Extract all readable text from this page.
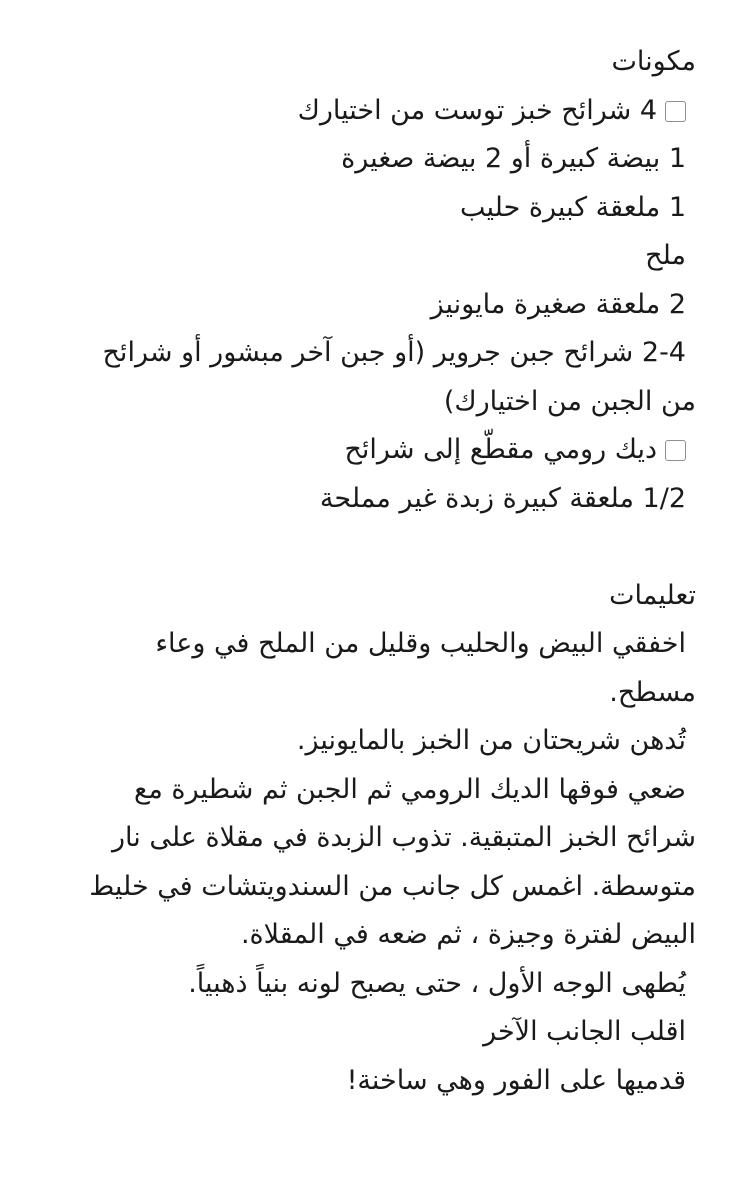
مكونات
4 شرائح خبز توست من اختيارك
1 بيضة كبيرة أو 2 بيضة صغيرة
1 ملعقة كبيرة حليب
ملح
2 ملعقة صغيرة مايونيز
2-4 شرائح جبن جروير (أو جبن آخر مبشور أو شرائح
من الجبن من اختيارك)
ديك رومي مقطّع إلى شرائح
1/2 ملعقة كبيرة زبدة غير مملحة
تعليمات
اخفقي البيض والحليب وقليل من الملح في وعاء
مسطح.
تُدهن شريحتان من الخبز بالمايونيز.
ضعي فوقها الديك الرومي ثم الجبن ثم شطيرة مع
شرائح الخبز المتبقية. تذوب الزبدة في مقلاة على نار
متوسطة. اغمس كل جانب من السندويتشات في خليط
البيض لفترة وجيزة ، ثم ضعه في المقلاة.
يُطهى الوجه الأول ، حتى يصبح لونه بنياً ذهبياً.
اقلب الجانب الآخر
قدميها على الفور وهي ساخنة!
